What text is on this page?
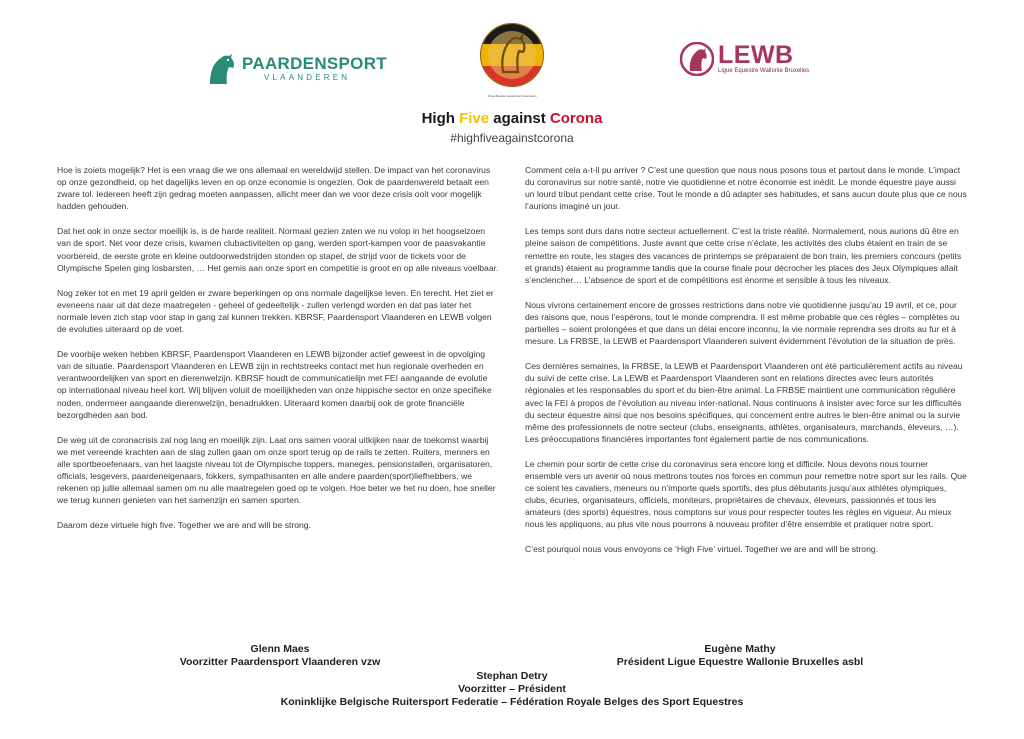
PAARDENSPORT
VLAANDEREN
Royal Belgian Equestrian Federation
LEWB
Ligue Equestre Wallonie Bruxelles
High Five against Corona
#highfiveagainstcorona

Hoe is zoiets mogelijk? Het is een vraag die we ons allemaal en wereldwijd stellen. De impact van het coronavirus op onze gezondheid, op het dagelijks leven en op onze economie is ongezien. Ook de paardenwereld betaalt een zware tol. Iedereen heeft zijn gedrag moeten aanpassen, allicht meer dan we voor deze crisis ooit voor mogelijk hadden gehouden.

Dat het ook in onze sector moeilijk is, is de harde realiteit. Normaal gezien zaten we nu volop in het hoogseizoen van de sport. Net voor deze crisis, kwamen clubactiviteiten op gang, werden sport-kampen voor de paasvakantie voorbereid, de eerste grote en kleine outdoorwedstrijden stonden op stapel, de strijd voor de tickets voor de Olympische Spelen ging losbarsten, … Het gemis aan onze sport en competitie is groot en op alle niveaus voelbaar.

Nog zeker tot en met 19 april gelden er zware beperkingen op ons normale dagelijkse leven. En terecht. Het ziet er eveneens naar uit dat deze maatregelen - geheel of gedeeltelijk - zullen verlengd worden en dat pas later het normale leven zich stap voor stap in gang zal kunnen trekken. KBRSF, Paardensport Vlaanderen en LEWB volgen de evoluties uiteraard op de voet.

De voorbije weken hebben KBRSF, Paardensport Vlaanderen en LEWB bijzonder actief geweest in de opvolging van de situatie. Paardensport Vlaanderen en LEWB zijn in rechtstreeks contact met hun regionale overheden en verantwoordelijken van sport en dierenwelzijn. KBRSF houdt de communicatielijn met FEI aangaande de evolutie op internationaal niveau heel kort. Wij blijven voluit de moeilijkheden van onze hippische sector en onze specifieke noden, ondermeer aangaande dierenwelzijn, benadrukken. Uiteraard komen daarbij ook de grote financiële bezorgdheden aan bod.

De weg uit de coronacrisis zal nog lang en moeilijk zijn. Laat ons samen vooral uitkijken naar de toekomst waarbij we met vereende krachten aan de slag zullen gaan om onze sport terug op de rails te zetten. Ruiters, menners en alle sportbeoefenaars, van het laagste niveau tot de Olympische toppers, maneges, pensionstallen, organisatoren, officials, lesgevers, paardeneigenaars, fokkers, sympathisanten en alle andere paarden(sport)liefhebbers, we rekenen op jullie allemaal samen om nu alle maatregelen goed op te volgen. Hoe beter we het nu doen, hoe sneller we terug kunnen genieten van het samenzijn en samen sporten.

Daarom deze virtuele high five. Together we are and will be strong.

Comment cela a-t-il pu arriver ? C’est une question que nous nous posons tous et partout dans le monde. L’impact du coronavirus sur notre santé, notre vie quotidienne et notre économie est inédit. Le monde équestre paye aussi un lourd tribut pendant cette crise. Tout le monde a dû adapter ses habitudes, et sans aucun doute plus que ce nous l’aurions imaginé un jour.

Les temps sont durs dans notre secteur actuellement. C’est la triste réalité. Normalement, nous aurions dû être en pleine saison de compétitions. Juste avant que cette crise n’éclate, les activités des clubs étaient en train de se remettre en route, les stages des vacances de printemps se préparaient de bon train, les premiers concours (petits et grands) étaient au programme tandis que la course finale pour décrocher les places des Jeux Olympiques allait s’enclencher… L’absence de sport et de compétitions est énorme et sensible à tous les niveaux.

Nous vivrons certainement encore de grosses restrictions dans notre vie quotidienne jusqu’au 19 avril, et ce, pour des raisons que, nous l’espérons, tout le monde comprendra. Il est même probable que ces règles – complètes ou partielles – soient prolongées et que dans un délai encore inconnu, la vie normale reprendra ses droits au fur et à mesure. La FRBSE, la LEWB et Paardensport Vlaanderen suivent évidemment l’évolution de la situation de près.

Ces dernières semaines, la FRBSE, la LEWB et Paardensport Vlaanderen ont été particulièrement actifs au niveau du suivi de cette crise. La LEWB et Paardensport Vlaanderen sont en relations directes avec leurs autorités régionales et les responsables du sport et du bien-être animal. La FRBSE maintient une communication régulière avec la FEI à propos de l’évolution au niveau inter-national. Nous continuons à insister avec force sur les difficultés du secteur équestre ainsi que nos besoins spécifiques, qui concernent entre autres le bien-être animal ou la survie même des professionnels de notre secteur (clubs, enseignants, athlètes, organisateurs, marchands, éleveurs, …). Les préoccupations financières importantes font également partie de nos communications.

Le chemin pour sortir de cette crise du coronavirus sera encore long et difficile. Nous devons nous tourner ensemble vers un avenir où nous mettrons toutes nos forces en commun pour remettre notre sport sur les rails. Que ce soient les cavaliers, meneurs ou n’importe quels sportifs, des plus débutants jusqu’aux athlètes olympiques, clubs, écuries, organisateurs, officiels, moniteurs, propriétaires de chevaux, éleveurs, passionnés et tous les amateurs (des sports) équestres, nous comptons sur vous pour respecter toutes les règles en vigueur. Au mieux nous les appliquons, au plus vite nous pourrons à nouveau profiter d’être ensemble et pratiquer notre sport.

C’est pourquoi nous vous envoyons ce ‘High Five’ virtuel. Together we are and will be strong.

Glenn Maes
Voorzitter Paardensport Vlaanderen vzw
Eugène Mathy
Président Ligue Equestre Wallonie Bruxelles asbl
Stephan Detry
Voorzitter – Président
Koninklijke Belgische Ruitersport Federatie – Fédération Royale Belges des Sport Equestres
